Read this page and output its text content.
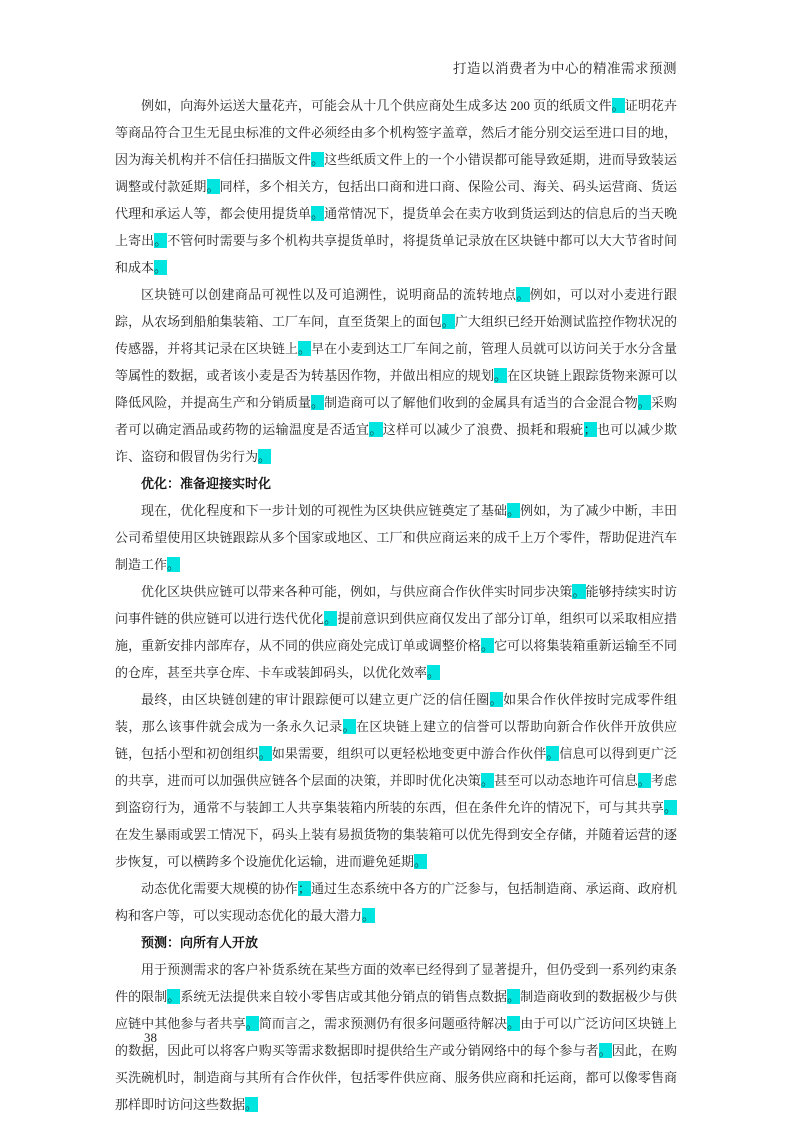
打造以消费者为中心的精准需求预测

例如，向海外运送大量花卉，可能会从十几个供应商处生成多达 200 页的纸质文件。证明花卉等商品符合卫生无昆虫标准的文件必须经由多个机构签字盖章，然后才能分别交运至进口目的地，因为海关机构并不信任扫描版文件。这些纸质文件上的一个小错误都可能导致延期，进而导致装运调整或付款延期。同样，多个相关方，包括出口商和进口商、保险公司、海关、码头运营商、货运代理和承运人等，都会使用提货单。通常情况下，提货单会在卖方收到货运到达的信息后的当天晚上寄出。不管何时需要与多个机构共享提货单时，将提货单记录放在区块链中都可以大大节省时间和成本。

区块链可以创建商品可视性以及可追溯性，说明商品的流转地点。例如，可以对小麦进行跟踪，从农场到船舶集装箱、工厂车间，直至货架上的面包。广大组织已经开始测试监控作物状况的传感器，并将其记录在区块链上。早在小麦到达工厂车间之前，管理人员就可以访问关于水分含量等属性的数据，或者该小麦是否为转基因作物，并做出相应的规划。在区块链上跟踪货物来源可以降低风险，并提高生产和分销质量。制造商可以了解他们收到的金属具有适当的合金混合物。采购者可以确定酒品或药物的运输温度是否适宜。这样可以减少了浪费、损耗和瑕疵；也可以减少欺诈、盗窃和假冒伪劣行为。

优化：准备迎接实时化

现在，优化程度和下一步计划的可视性为区块供应链奠定了基础。例如，为了减少中断，丰田公司希望使用区块链跟踪从多个国家或地区、工厂和供应商运来的成千上万个零件，帮助促进汽车制造工作。

优化区块供应链可以带来各种可能，例如，与供应商合作伙伴实时同步决策。能够持续实时访问事件链的供应链可以进行迭代优化。提前意识到供应商仅发出了部分订单，组织可以采取相应措施，重新安排内部库存，从不同的供应商处完成订单或调整价格。它可以将集装箱重新运输至不同的仓库，甚至共享仓库、卡车或装卸码头，以优化效率。

最终，由区块链创建的审计跟踪便可以建立更广泛的信任圈。如果合作伙伴按时完成零件组装，那么该事件就会成为一条永久记录。在区块链上建立的信誉可以帮助向新合作伙伴开放供应链，包括小型和初创组织。如果需要，组织可以更轻松地变更中游合作伙伴。信息可以得到更广泛的共享，进而可以加强供应链各个层面的决策，并即时优化决策。甚至可以动态地许可信息。考虑到盗窃行为，通常不与装卸工人共享集装箱内所装的东西，但在条件允许的情况下，可与其共享。在发生暴雨或罢工情况下，码头上装有易损货物的集装箱可以优先得到安全存储，并随着运营的逐步恢复，可以横跨多个设施优化运输，进而避免延期。

动态优化需要大规模的协作；通过生态系统中各方的广泛参与，包括制造商、承运商、政府机构和客户等，可以实现动态优化的最大潜力。

预测：向所有人开放

用于预测需求的客户补货系统在某些方面的效率已经得到了显著提升，但仍受到一系列约束条件的限制。系统无法提供来自较小零售店或其他分销点的销售点数据。制造商收到的数据极少与供应链中其他参与者共享。简而言之，需求预测仍有很多问题亟待解决。由于可以广泛访问区块链上的数据，因此可以将客户购买等需求数据即时提供给生产或分销网络中的每个参与者。因此，在购买洗碗机时，制造商与其所有合作伙伴，包括零件供应商、服务供应商和托运商，都可以像零售商那样即时访问这些数据。

38
